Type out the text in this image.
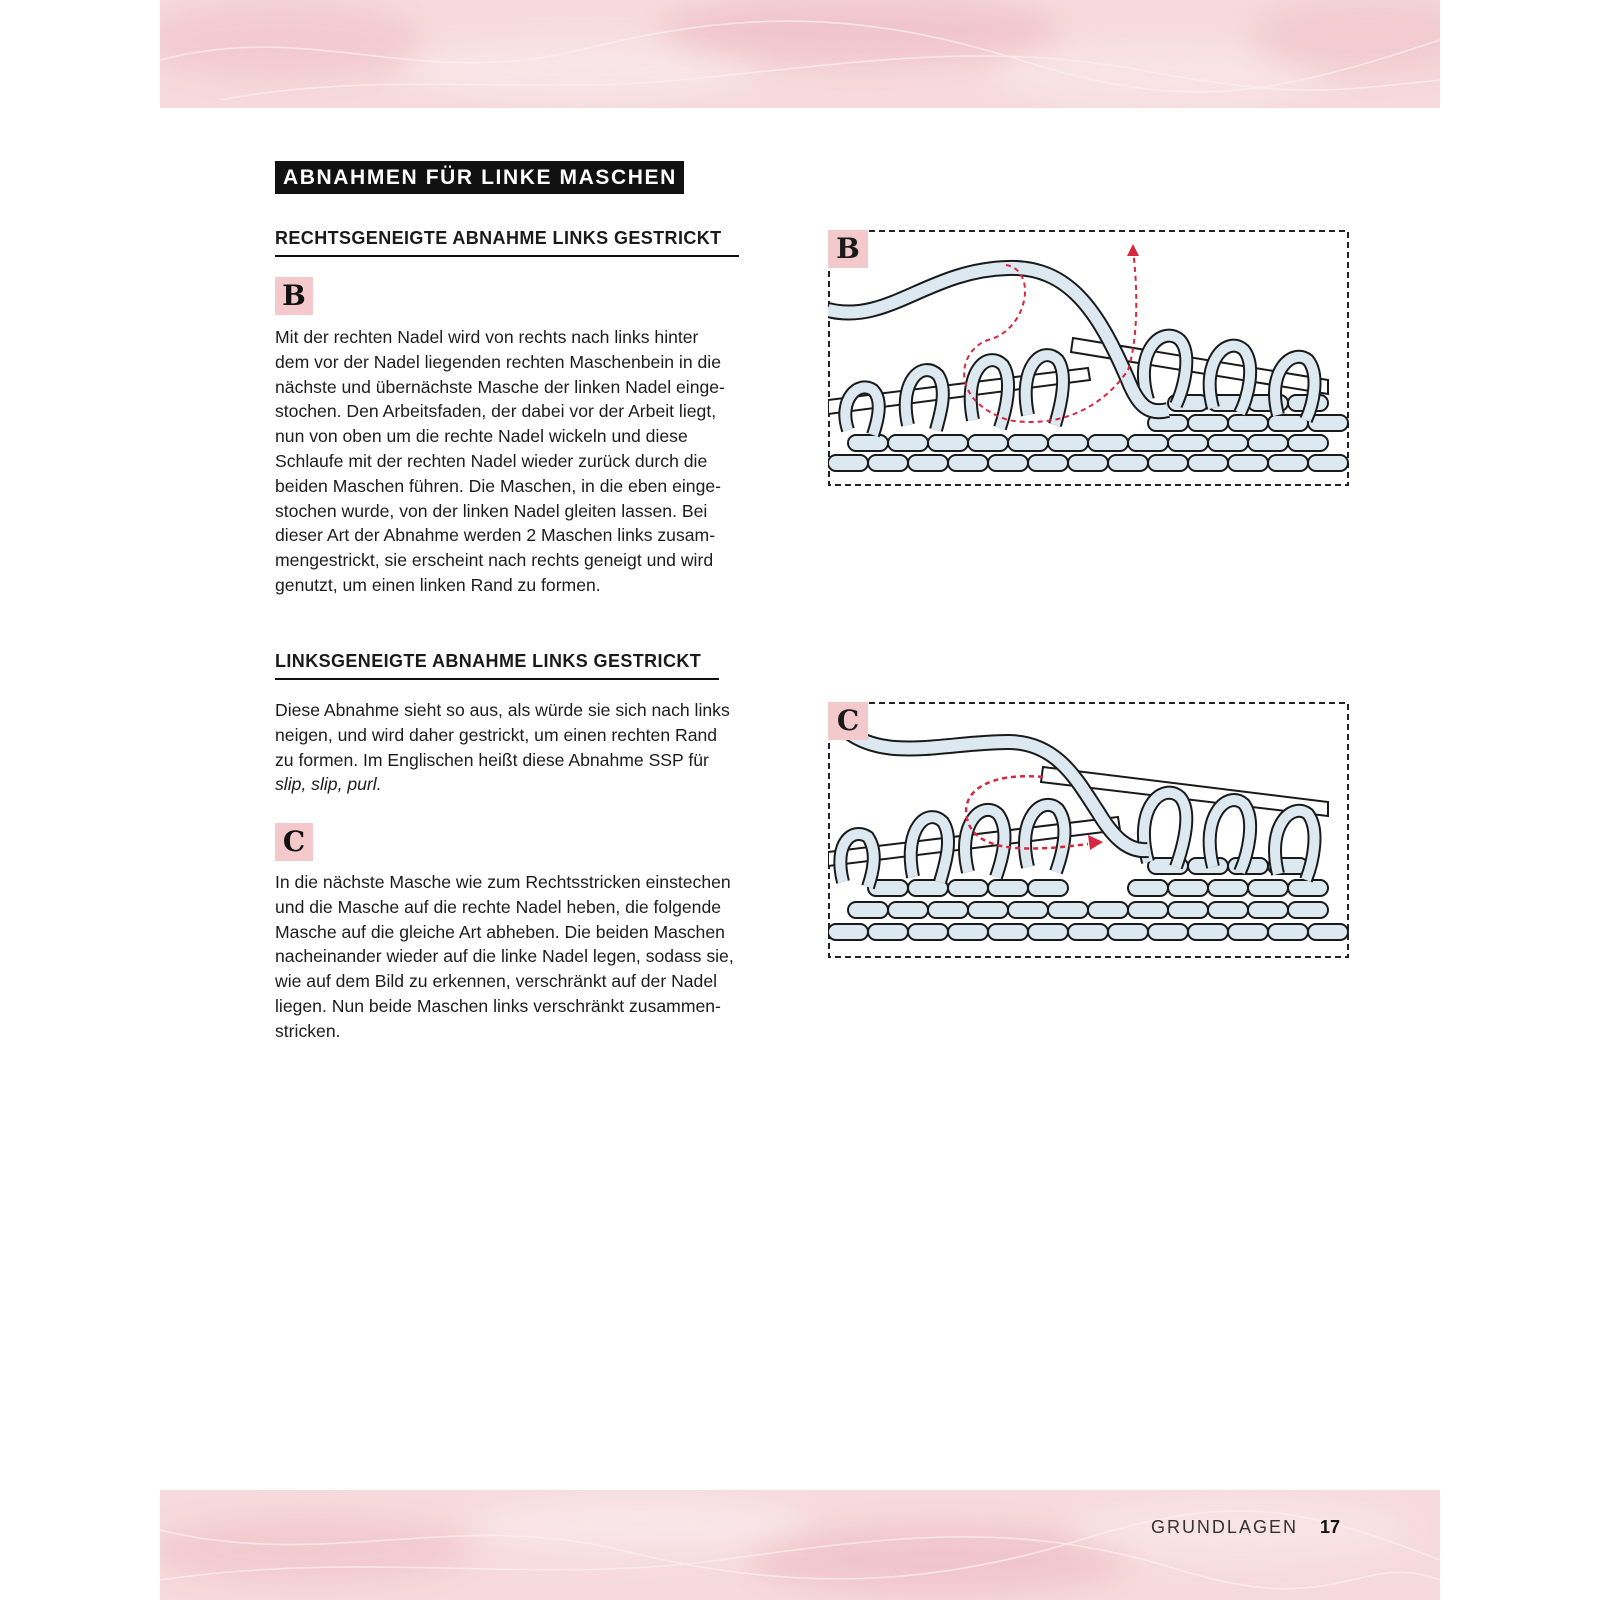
ABNAHMEN FÜR LINKE MASCHEN
RECHTSGENEIGTE ABNAHME LINKS GESTRICKT
B

Mit der rechten Nadel wird von rechts nach links hinter
dem vor der Nadel liegenden rechten Maschenbein in die
nächste und übernächste Masche der linken Nadel einge-
stochen. Den Arbeitsfaden, der dabei vor der Arbeit liegt,
nun von oben um die rechte Nadel wickeln und diese
Schlaufe mit der rechten Nadel wieder zurück durch die
beiden Maschen führen. Die Maschen, in die eben einge-
stochen wurde, von der linken Nadel gleiten lassen. Bei
dieser Art der Abnahme werden 2 Maschen links zusam-
mengestrickt, sie erscheint nach rechts geneigt und wird
genutzt, um einen linken Rand zu formen.

LINKSGENEIGTE ABNAHME LINKS GESTRICKT

Diese Abnahme sieht so aus, als würde sie sich nach links
neigen, und wird daher gestrickt, um einen rechten Rand
zu formen. Im Englischen heißt diese Abnahme SSP für
slip, slip, purl.

C

In die nächste Masche wie zum Rechtsstricken einstechen
und die Masche auf die rechte Nadel heben, die folgende
Masche auf die gleiche Art abheben. Die beiden Maschen
nacheinander wieder auf die linke Nadel legen, sodass sie,
wie auf dem Bild zu erkennen, verschränkt auf der Nadel
liegen. Nun beide Maschen links verschränkt zusammen-
stricken.

B
C
GRUNDLAGEN 17
